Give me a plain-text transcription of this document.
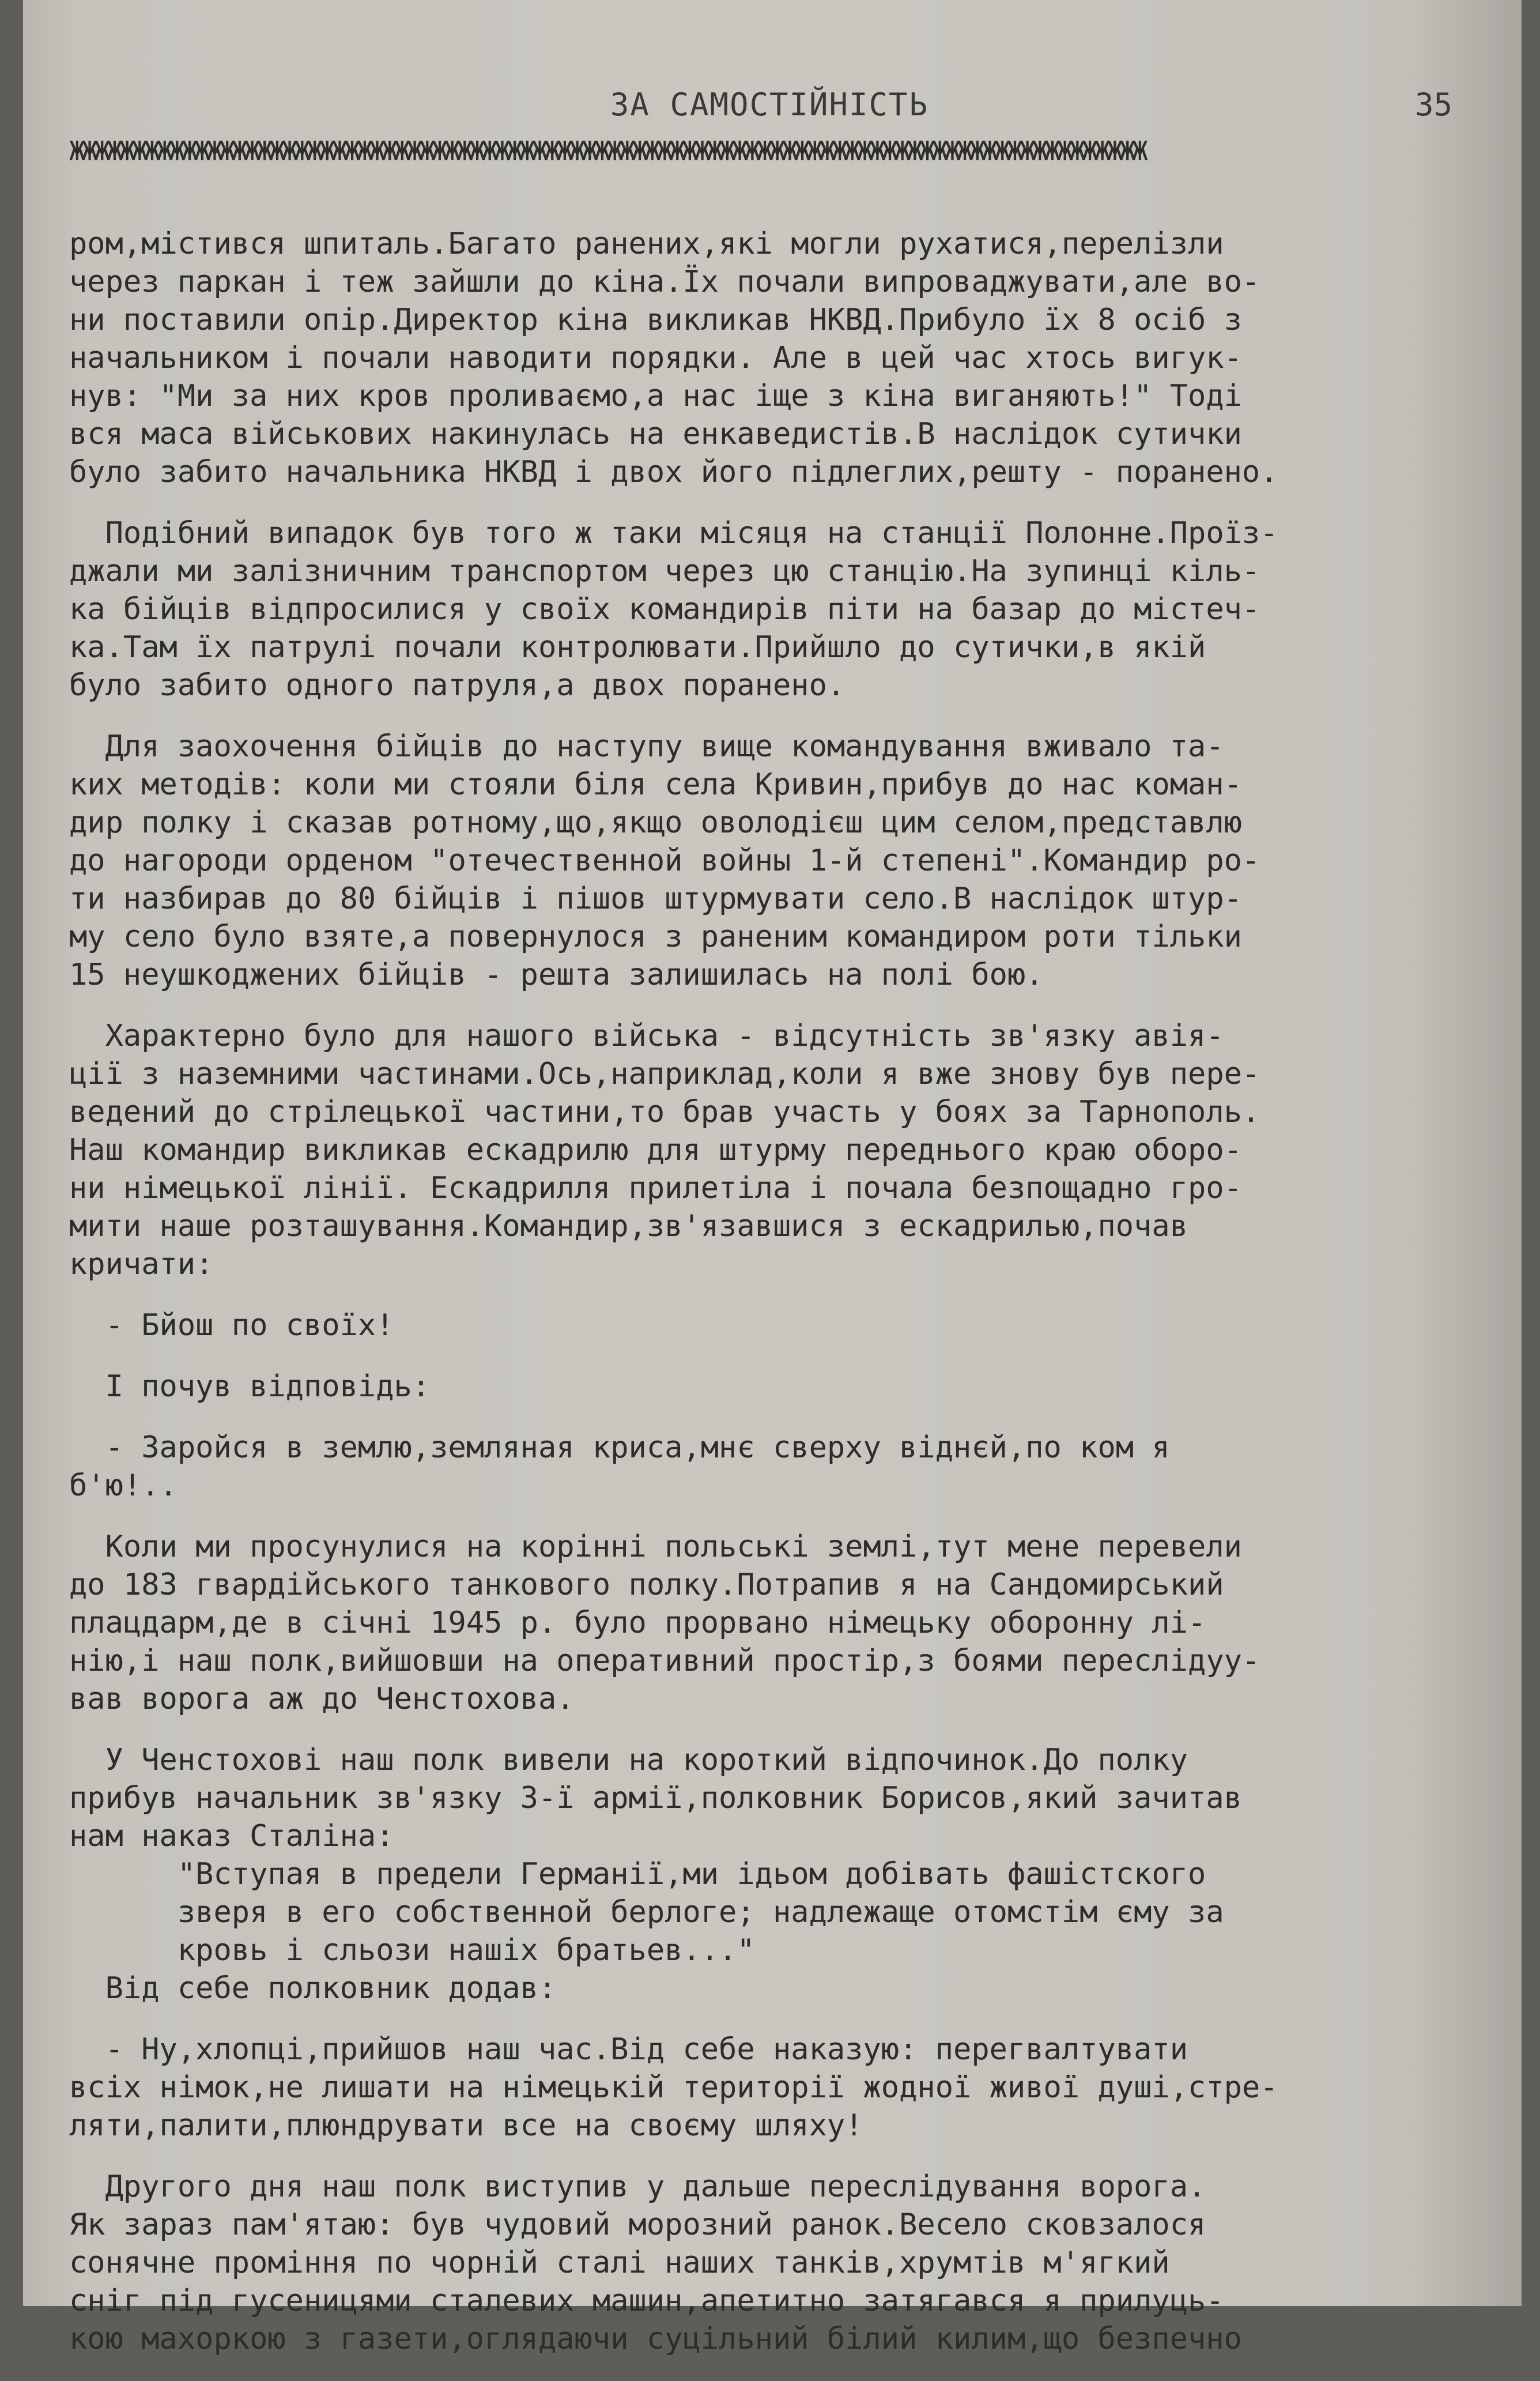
ЗА САМОСТІЙНІСТЬ	35
ЖЖЖЖЖЖЖЖЖЖЖЖЖЖЖЖЖЖЖЖЖЖЖЖЖЖЖЖЖЖЖЖЖЖЖЖЖЖЖЖЖЖЖЖЖЖЖЖЖЖЖЖЖЖЖЖЖЖЖЖЖЖЖЖЖЖЖЖЖЖЖЖЖЖЖЖЖЖЖЖЖЖЖЖЖЖ
ром,містився шпиталь.Багато ранених,які могли рухатися,перелізли
через паркан і теж зайшли до кіна.Їх почали випроваджувати,але во-
ни поставили опір.Директор кіна викликав НКВД.Прибуло їх 8 осіб з
начальником і почали наводити порядки. Але в цей час хтось вигук-
нув: "Ми за них кров проливаємо,а нас іще з кіна виганяють!" Тоді
вся маса військових накинулась на енкаведистів.В наслідок сутички
було забито начальника НКВД і двох його підлеглих,решту - поранено.
Подібний випадок був того ж таки місяця на станції Полонне.Проїз-
джали ми залізничним транспортом через цю станцію.На зупинці кіль-
ка бійців відпросилися у своїх командирів піти на базар до містеч-
ка.Там їх патрулі почали контролювати.Прийшло до сутички,в якій
було забито одного патруля,а двох поранено.
Для заохочення бійців до наступу вище командування вживало та-
ких методів: коли ми стояли біля села Кривин,прибув до нас коман-
дир полку і сказав ротному,що,якщо оволодієш цим селом,представлю
до нагороди орденом "отечественной войны 1-й степені".Командир ро-
ти назбирав до 80 бійців і пішов штурмувати село.В наслідок штур-
му село було взяте,а повернулося з раненим командиром роти тільки
15 неушкоджених бійців - решта залишилась на полі бою.
Характерно було для нашого війська - відсутність зв'язку авія-
ції з наземними частинами.Ось,наприклад,коли я вже знову був пере-
ведений до стрілецької частини,то брав участь у боях за Тарнополь.
Наш командир викликав ескадрилю для штурму переднього краю оборо-
ни німецької лінії. Ескадрилля прилетіла і почала безпощадно гро-
мити наше розташування.Командир,зв'язавшися з ескадрилью,почав
кричати:
- Бйош по своїх!
І почув відповідь:
- Заройся в землю,земляная криса,мнє сверху віднєй,по ком я
б'ю!..
Коли ми просунулися на корінні польські землі,тут мене перевели
до 183 гвардійського танкового полку.Потрапив я на Сандомирський
плацдарм,де в січні 1945 р. було прорвано німецьку оборонну лі-
нію,і наш полк,вийшовши на оперативний простір,з боями переслідуу-
вав ворога аж до Ченстохова.
У Ченстохові наш полк вивели на короткий відпочинок.До полку
прибув начальник зв'язку 3-ї армії,полковник Борисов,який зачитав
нам наказ Сталіна:
"Вступая в предели Германії,ми ідьом добівать фашістского
зверя в его собственной берлоге; надлежаще отомстім єму за
кровь і сльози нашіх братьев..."
Від себе полковник додав:
- Ну,хлопці,прийшов наш час.Від себе наказую: перегвалтувати
всіх німок,не лишати на німецькій території жодної живої душі,стре-
ляти,палити,плюндрувати все на своєму шляху!
Другого дня наш полк виступив у дальше переслідування ворога.
Як зараз пам'ятаю: був чудовий морозний ранок.Весело сковзалося
сонячне проміння по чорній сталі наших танків,хрумтів м'ягкий
сніг під гусеницями сталевих машин,апетитно затягався я прилуць-
кою махоркою з газети,оглядаючи суцільний білий килим,що безпечно
